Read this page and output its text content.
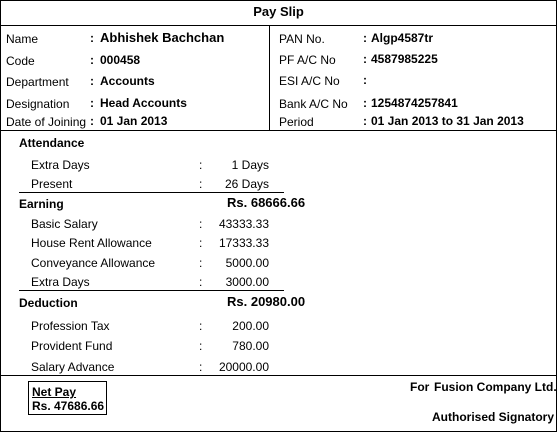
Pay Slip
Name	: Abhishek Bachchan
Code	: 000458
Department : Accounts
Designation : Head Accounts
Date of Joining : 01 Jan 2013
PAN No.	: Algp4587tr
PF A/C No : 4587985225
ESI A/C No :
Bank A/C No : 1254874257841
Period	: 01 Jan 2013 to 31 Jan 2013
Attendance
Extra Days	:	1 Days
Present	:	26 Days
Earning	Rs. 68666.66
Basic Salary	:	43333.33
House Rent Allowance	:	17333.33
Conveyance Allowance	:	5000.00
Extra Days	:	3000.00
Deduction	Rs. 20980.00
Profession Tax	:	200.00
Provident Fund	:	780.00
Salary Advance	:	20000.00
Net Pay
Rs. 47686.66
For Fusion Company Ltd.
Authorised Signatory
